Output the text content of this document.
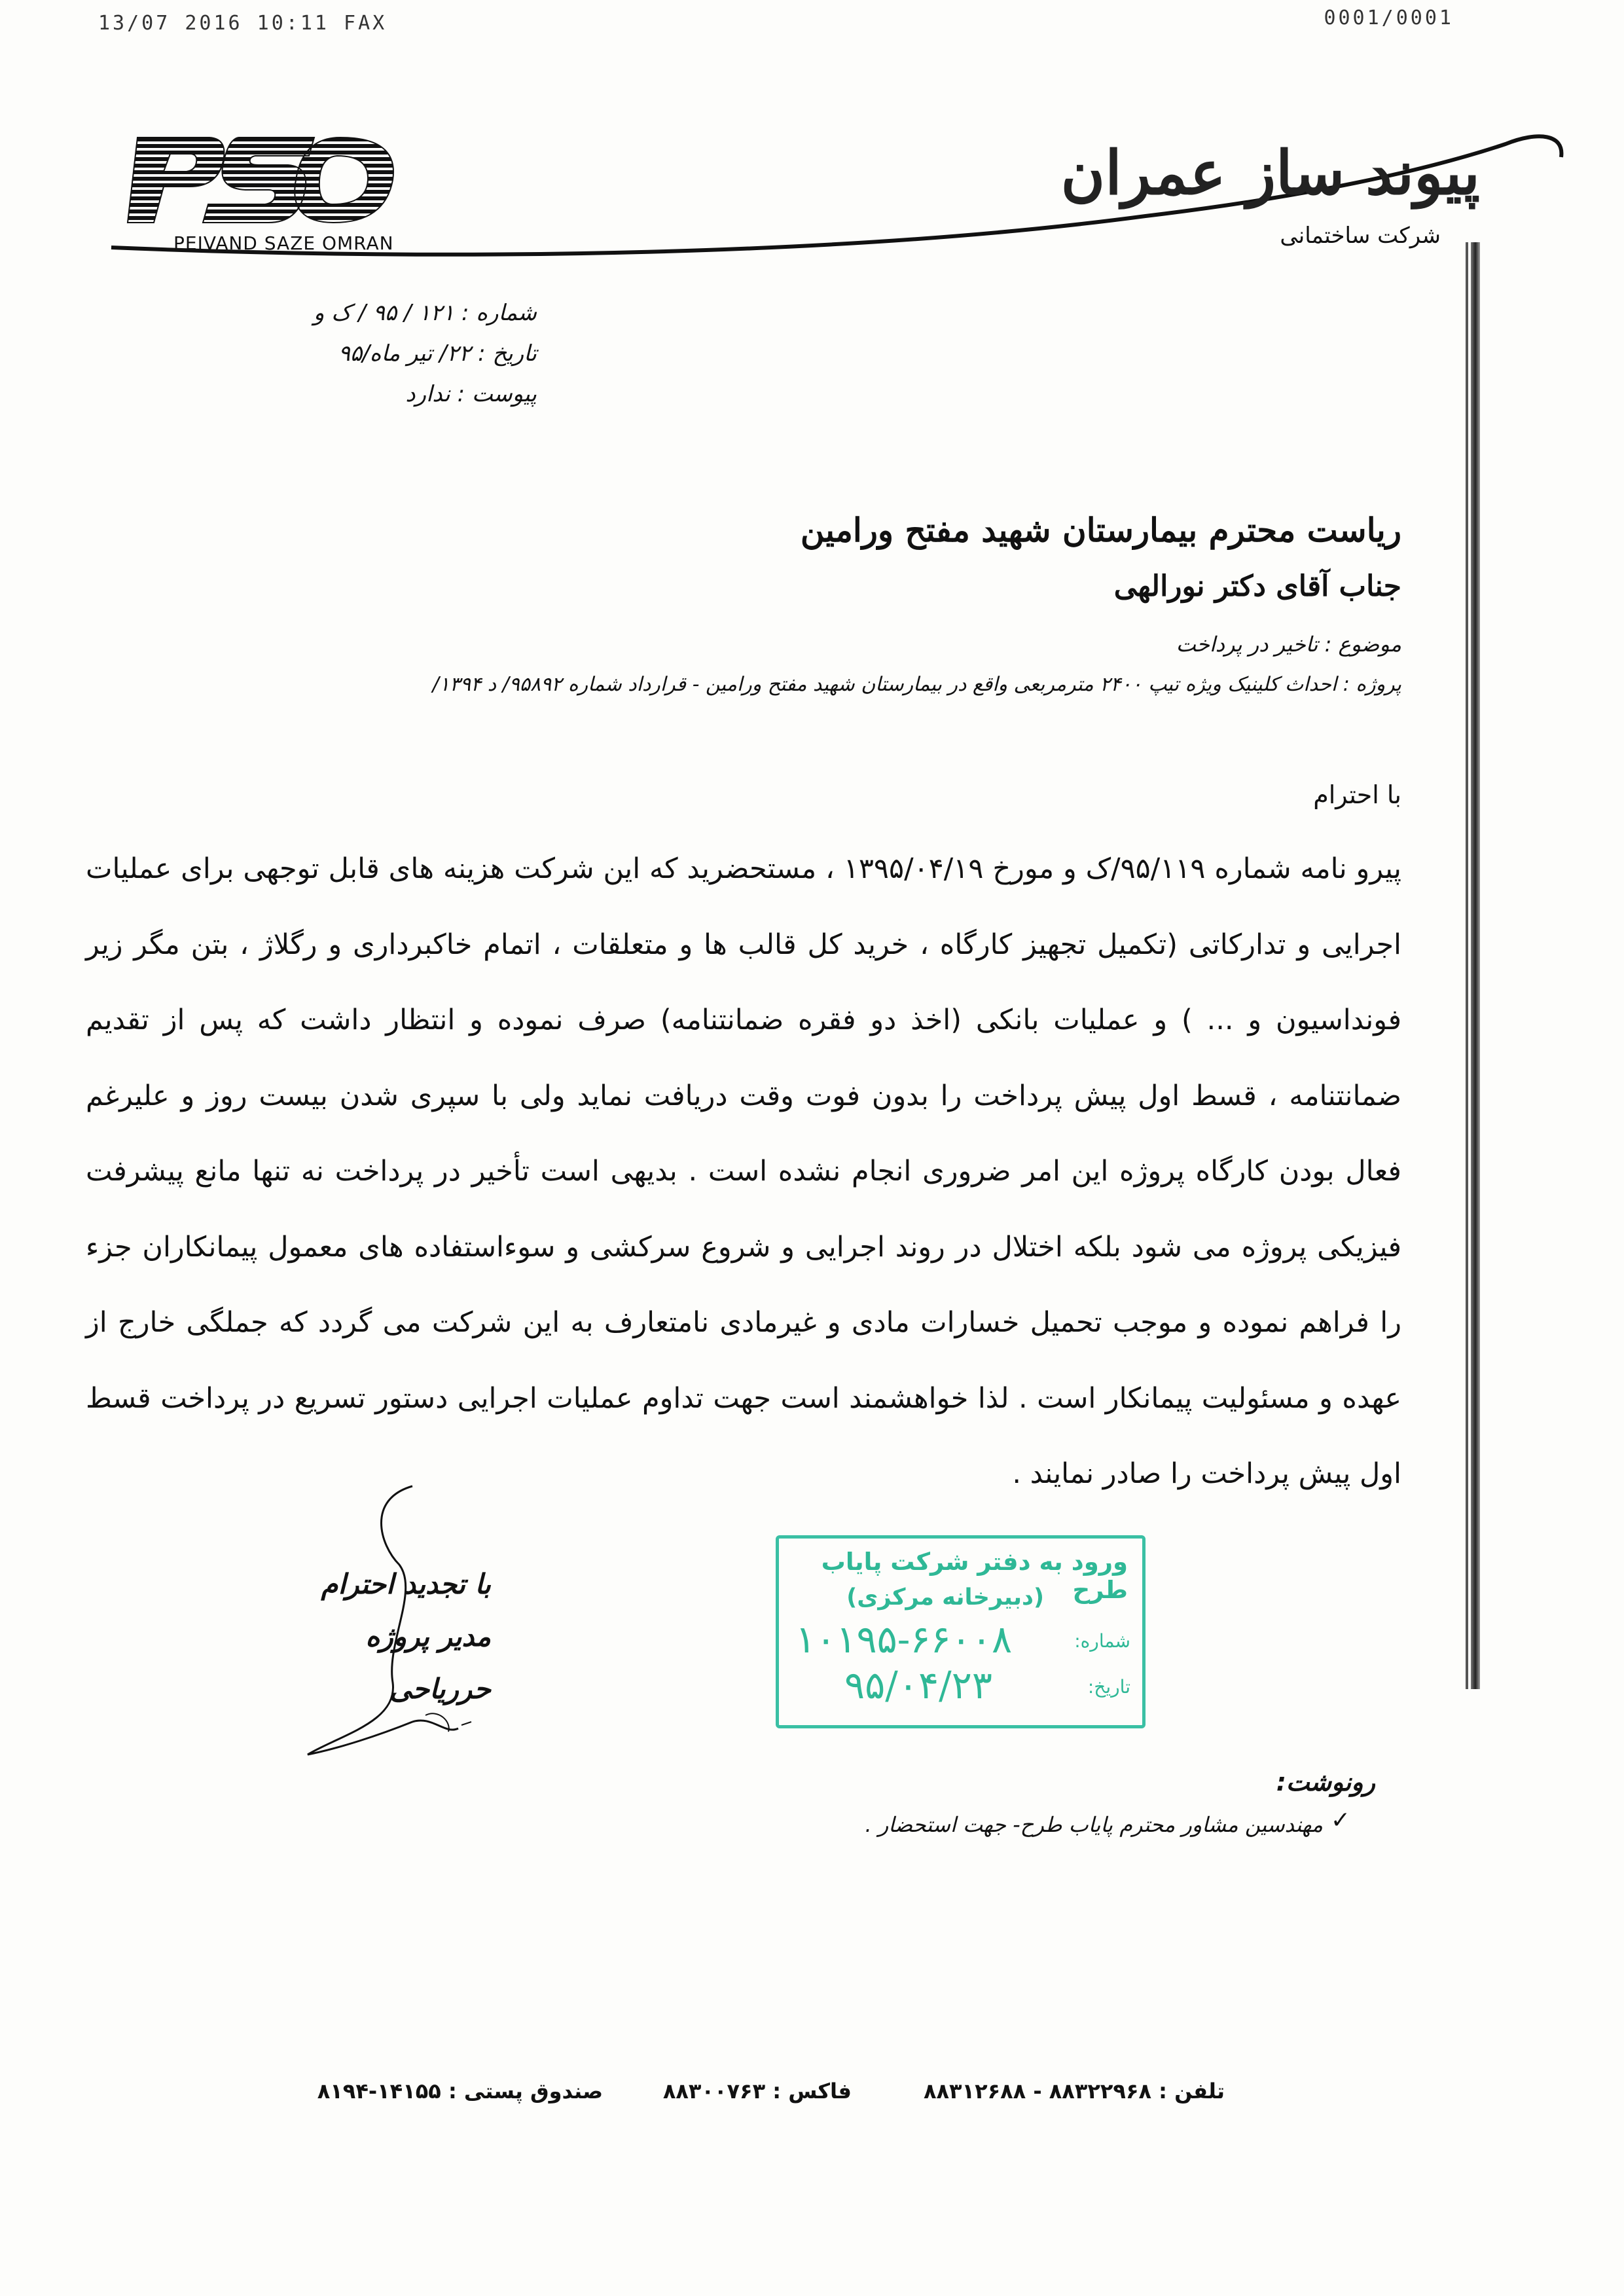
13/07 2016 10:11 FAX	0001/0001
PEIVAND SAZE OMRAN
پیوند ساز عمران
شرکت ساختمانی
شماره : ۱۲۱ / ۹۵ / ک و
تاریخ : ۲۲/ تیر ماه/۹۵
پیوست : ندارد
ریاست محترم بیمارستان شهید مفتح ورامین
جناب آقای دکتر نورالهی
موضوع : تاخیر در پرداخت
پروژه : احداث کلینیک ویژه تیپ ۲۴۰۰ مترمربعی واقع در بیمارستان شهید مفتح ورامین - قرارداد شماره ۹۵۸۹۲/ د ۱۳۹۴/
با احترام
پیرو نامه شماره ۹۵/۱۱۹/ک و مورخ ۱۳۹۵/۰۴/۱۹ ، مستحضرید که این شرکت هزینه های قابل توجهی برای عملیات اجرایی و تدارکاتی (تکمیل تجهیز کارگاه ، خرید کل قالب ها و متعلقات ، اتمام خاکبرداری و رگلاژ ، بتن مگر زیر فونداسیون و ... ) و عملیات بانکی (اخذ دو فقره ضمانتنامه) صرف نموده و انتظار داشت که پس از تقدیم ضمانتنامه ، قسط اول پیش پرداخت را بدون فوت وقت دریافت نماید ولی با سپری شدن بیست روز و علیرغم فعال بودن کارگاه پروژه این امر ضروری انجام نشده است . بدیهی است تأخیر در پرداخت نه تنها مانع پیشرفت فیزیکی پروژه می شود بلکه اختلال در روند اجرایی و شروع سرکشی و سوءاستفاده های معمول پیمانکاران جزء را فراهم نموده و موجب تحمیل خسارات مادی و غیرمادی نامتعارف به این شرکت می گردد که جملگی خارج از عهده و مسئولیت پیمانکار است . لذا خواهشمند است جهت تداوم عملیات اجرایی دستور تسریع در پرداخت قسط اول پیش پرداخت را صادر نمایند .
با تجدید احترام
مدیر پروژه
حرریاحی
ورود به دفتر شرکت پایاب طرح
(دبیرخانه مرکزی)
شماره:
۱۰۱۹۵-۶۶۰۰۸
تاریخ:
۹۵/۰۴/۲۳
رونوشت:
✓
مهندسین مشاور محترم پایاب طرح- جهت استحضار .
تلفن : ۸۸۳۲۲۹۶۸ - ۸۸۳۱۲۶۸۸
فاکس : ۸۸۳۰۰۷۶۳
صندوق پستی : ۱۴۱۵۵-۸۱۹۴
